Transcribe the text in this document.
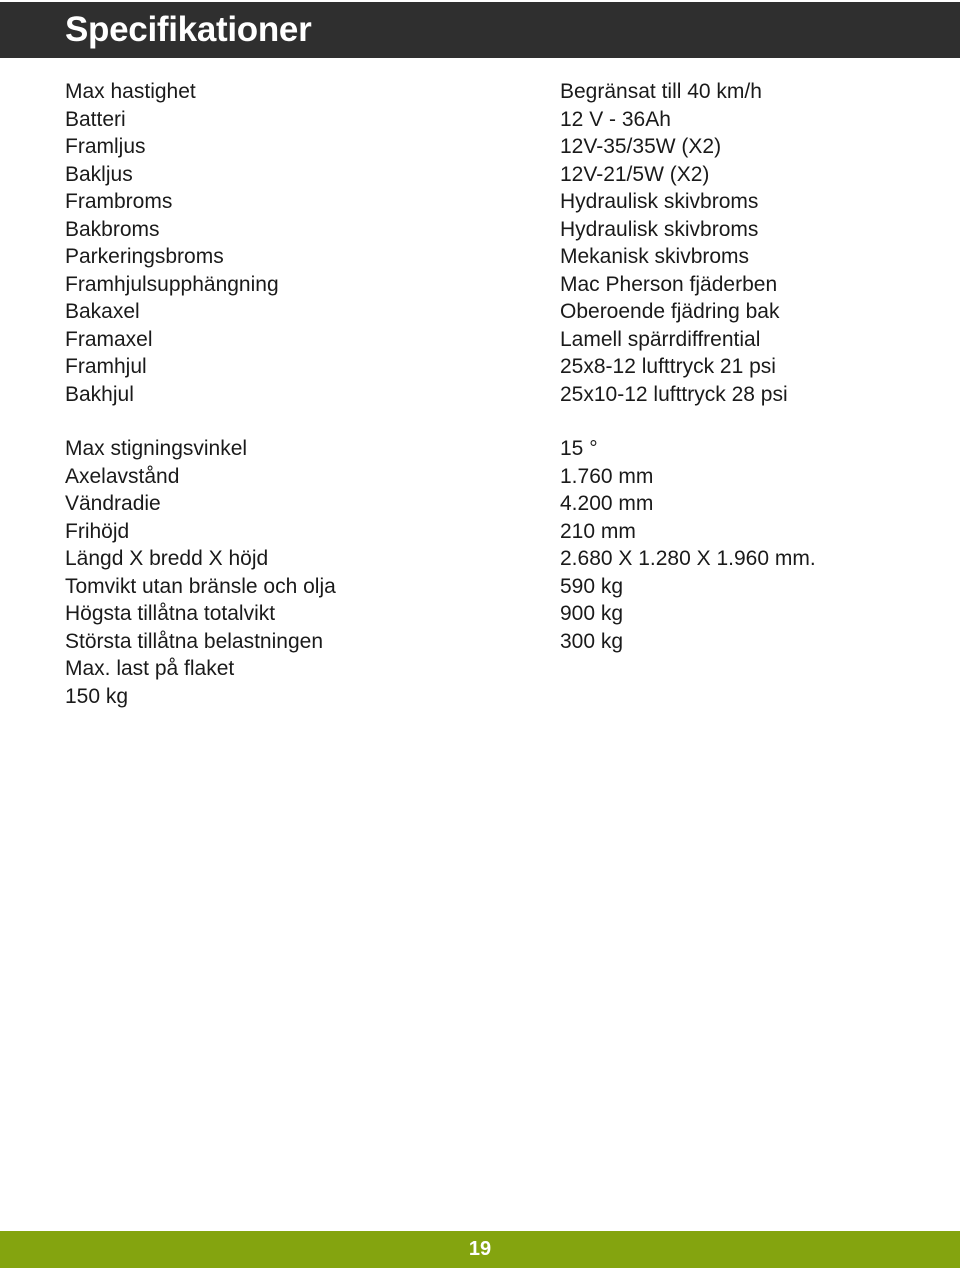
Specifikationer
Max hastighet	Begränsat till 40 km/h
Batteri	12 V - 36Ah
Framljus	12V-35/35W (X2)
Bakljus	12V-21/5W (X2)
Frambroms	Hydraulisk skivbroms
Bakbroms	Hydraulisk skivbroms
Parkeringsbroms	Mekanisk skivbroms
Framhjulsupphängning	Mac Pherson fjäderben
Bakaxel	Oberoende fjädring bak
Framaxel	Lamell spärrdiffrential
Framhjul	25x8-12 lufttryck 21 psi
Bakhjul	25x10-12 lufttryck 28 psi
Max stigningsvinkel	15 °
Axelavstånd	1.760 mm
Vändradie	4.200 mm
Frihöjd	210 mm
Längd X bredd X höjd	2.680 X 1.280 X 1.960 mm.
Tomvikt utan bränsle och olja	590 kg
Högsta tillåtna totalvikt	900 kg
Största tillåtna belastningen	300 kg
Max. last på flaket
150 kg
19
